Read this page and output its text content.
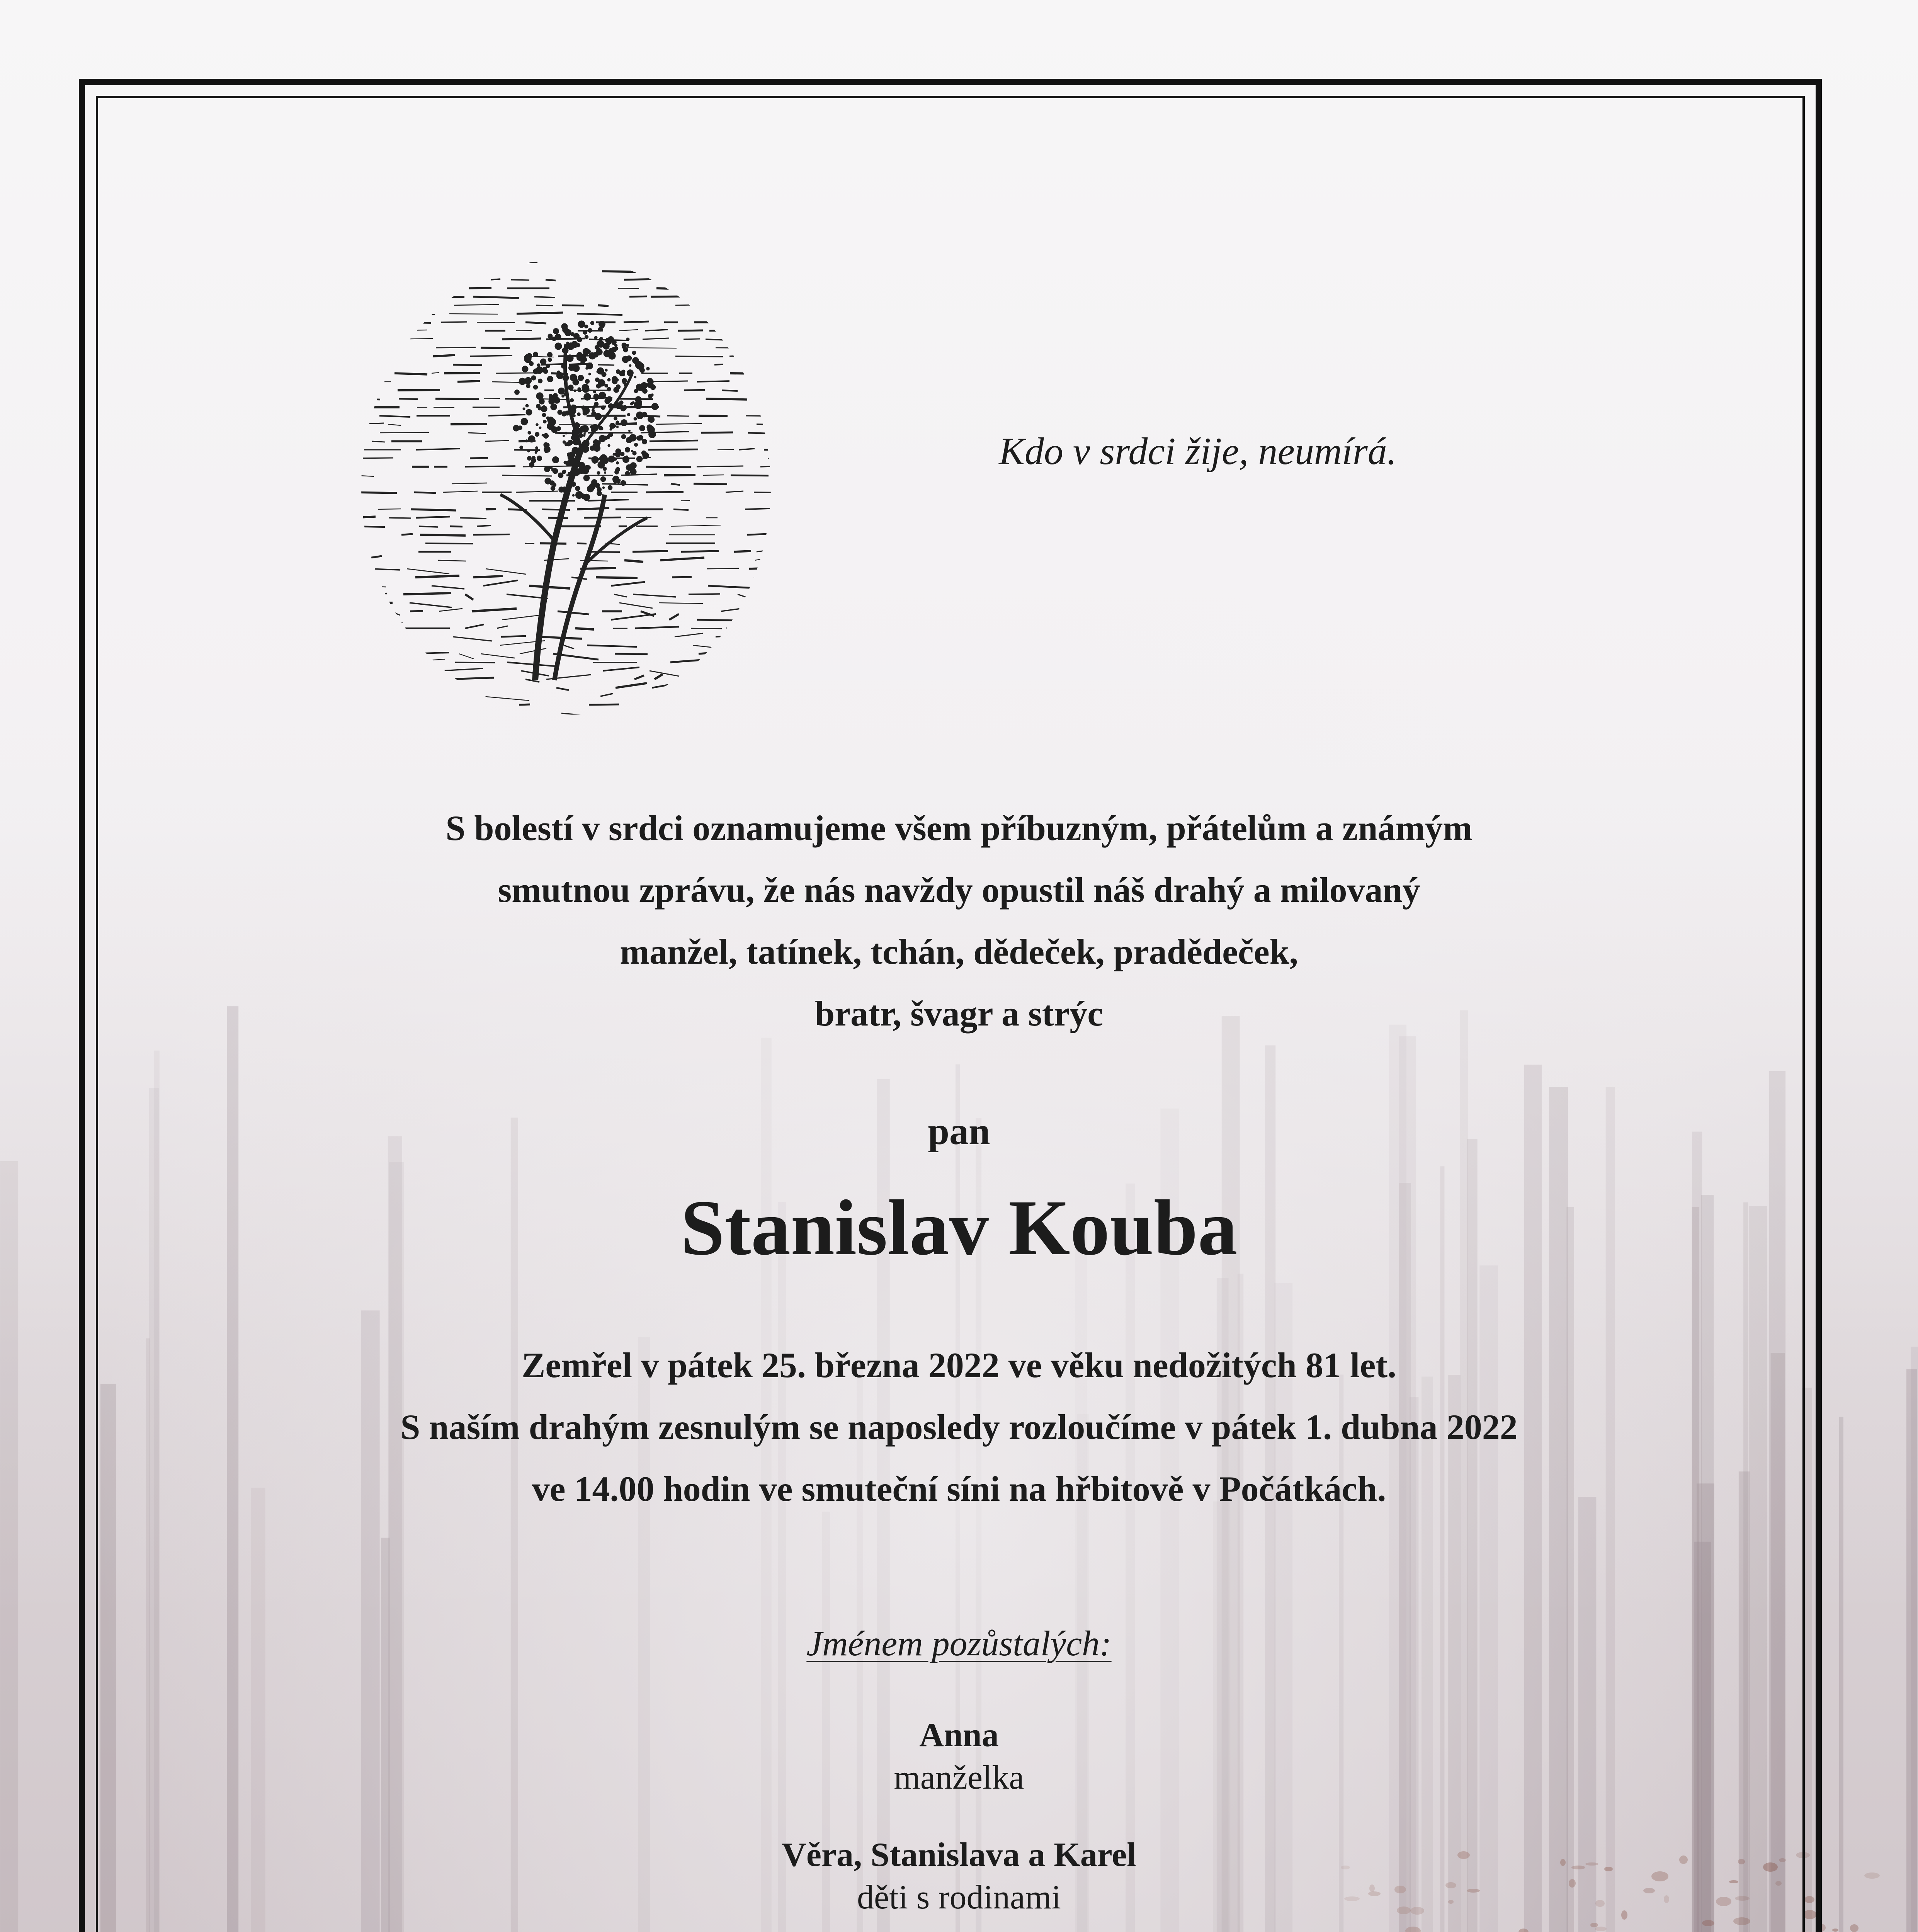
Kdo v srdci žije, neumírá.
S bolestí v srdci oznamujeme všem příbuzným, přátelům a známým
smutnou zprávu, že nás navždy opustil náš drahý a milovaný
manžel, tatínek, tchán, dědeček, pradědeček,
bratr, švagr a strýc
pan
Stanislav Kouba
Zemřel v pátek 25. března 2022 ve věku nedožitých 81 let.
S naším drahým zesnulým se naposledy rozloučíme v pátek 1. dubna 2022
ve 14.00 hodin ve smuteční síni na hřbitově v Počátkách.
Jménem pozůstalých:
Anna
manželka
Věra, Stanislava a Karel
děti s rodinami
